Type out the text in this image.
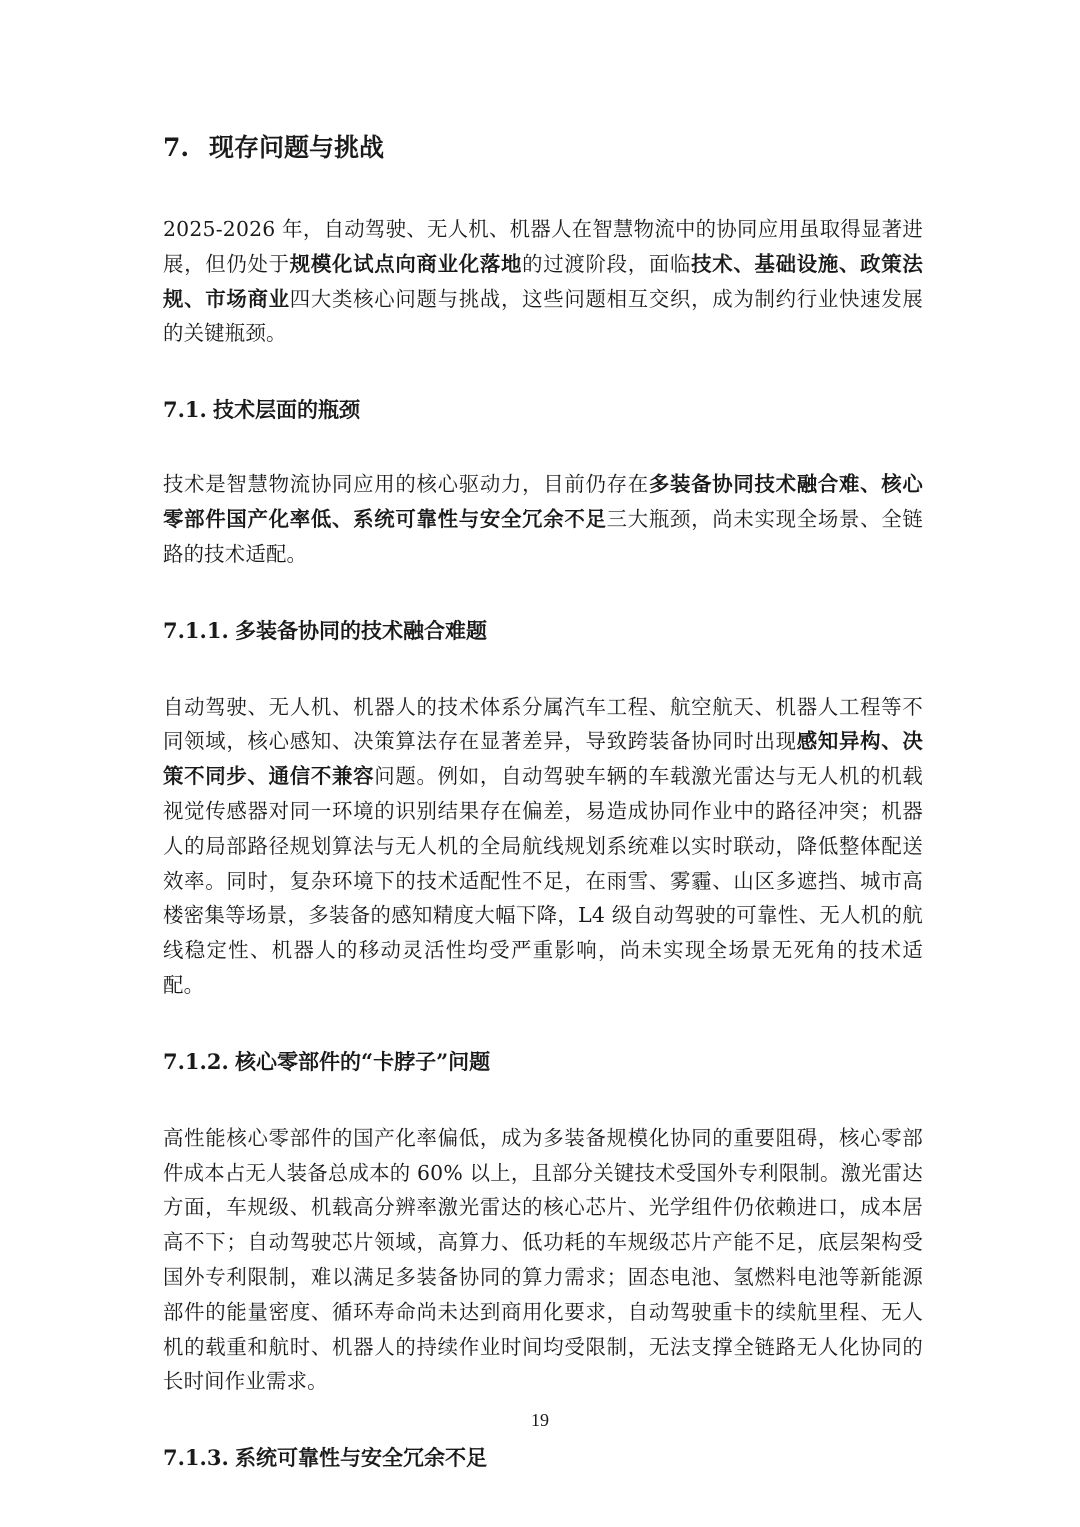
7. 现存问题与挑战

2025-2026 年，自动驾驶、无人机、机器人在智慧物流中的协同应用虽取得显著进展，但仍处于规模化试点向商业化落地的过渡阶段，面临技术、基础设施、政策法规、市场商业四大类核心问题与挑战，这些问题相互交织，成为制约行业快速发展的关键瓶颈。

7.1. 技术层面的瓶颈

技术是智慧物流协同应用的核心驱动力，目前仍存在多装备协同技术融合难、核心零部件国产化率低、系统可靠性与安全冗余不足三大瓶颈，尚未实现全场景、全链路的技术适配。

7.1.1. 多装备协同的技术融合难题

自动驾驶、无人机、机器人的技术体系分属汽车工程、航空航天、机器人工程等不同领域，核心感知、决策算法存在显著差异，导致跨装备协同时出现感知异构、决策不同步、通信不兼容问题。例如，自动驾驶车辆的车载激光雷达与无人机的机载视觉传感器对同一环境的识别结果存在偏差，易造成协同作业中的路径冲突；机器人的局部路径规划算法与无人机的全局航线规划系统难以实时联动，降低整体配送效率。同时，复杂环境下的技术适配性不足，在雨雪、雾霾、山区多遮挡、城市高楼密集等场景，多装备的感知精度大幅下降，L4 级自动驾驶的可靠性、无人机的航线稳定性、机器人的移动灵活性均受严重影响，尚未实现全场景无死角的技术适配。

7.1.2. 核心零部件的“卡脖子”问题

高性能核心零部件的国产化率偏低，成为多装备规模化协同的重要阻碍，核心零部件成本占无人装备总成本的 60% 以上，且部分关键技术受国外专利限制。激光雷达方面，车规级、机载高分辨率激光雷达的核心芯片、光学组件仍依赖进口，成本居高不下；自动驾驶芯片领域，高算力、低功耗的车规级芯片产能不足，底层架构受国外专利限制，难以满足多装备协同的算力需求；固态电池、氢燃料电池等新能源部件的能量密度、循环寿命尚未达到商用化要求，自动驾驶重卡的续航里程、无人机的载重和航时、机器人的持续作业时间均受限制，无法支撑全链路无人化协同的长时间作业需求。

7.1.3. 系统可靠性与安全冗余不足
19
